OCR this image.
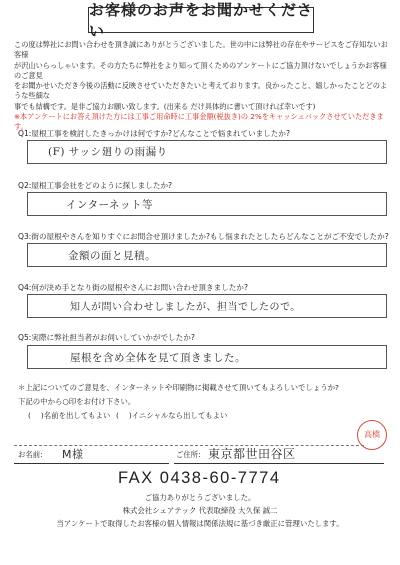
お客様のお声をお聞かせください

この度は弊社にお問い合わせを頂き誠にありがとうございました。世の中には弊社の存在やサービスをご存知ないお客様

が沢山いらっしゃいます。その方たちに弊社をより知って頂くためのアンケートにご協力頂けないでしょうかお客様のご意見

をお聞かせいただき今後の活動に反映させていただきたいと考えております。良かったこと、嬉しかったことどのような些細な

事でも結構です。是非ご協力お願い致します。(出来る だけ具体的に書いて頂ければ幸いです)

※本アンケートにお答え頂けた方には工事ご用命時に工事金額(税抜き)の 2%をキャッシュバックさせていただきます。

Q1:屋根工事を検討したきっかけは何ですか?どんなことで悩まれていましたか?
(F) サッシ廻りの雨漏り
Q2:屋根工事会社をどのように探しましたか?
インターネット等
Q3:街の屋根やさんを知りすぐにお問合せ頂けましたか?もし悩まれたとしたらどんなことがご不安でしたか?
金額の面と見積。
Q4:何が決め手となり街の屋根やさんにお問い合わせ頂きましたか?
知人が問い合わせしましたが、担当でしたので。
Q5:実際に弊社担当者がお伺いしていかがでしたか?
屋根を含め全体を見て頂きました。
＊上記についてのご意見を、インターネットや印刷物に掲載させて頂いてもよろしいでしょうか?
下記の中から○印をお付け下さい。
( )名前を出してもよい ( )イニシャルなら出してもよい
高橋
お名前: M様	ご住所: 東京都世田谷区
FAX 0438-60-7774
ご協力ありがとうございました。
株式会社シェアテック 代表取締役 大久保 誠二
当アンケートで取得したお客様の個人情報は関係法規に基づき厳正に管理いたします。
